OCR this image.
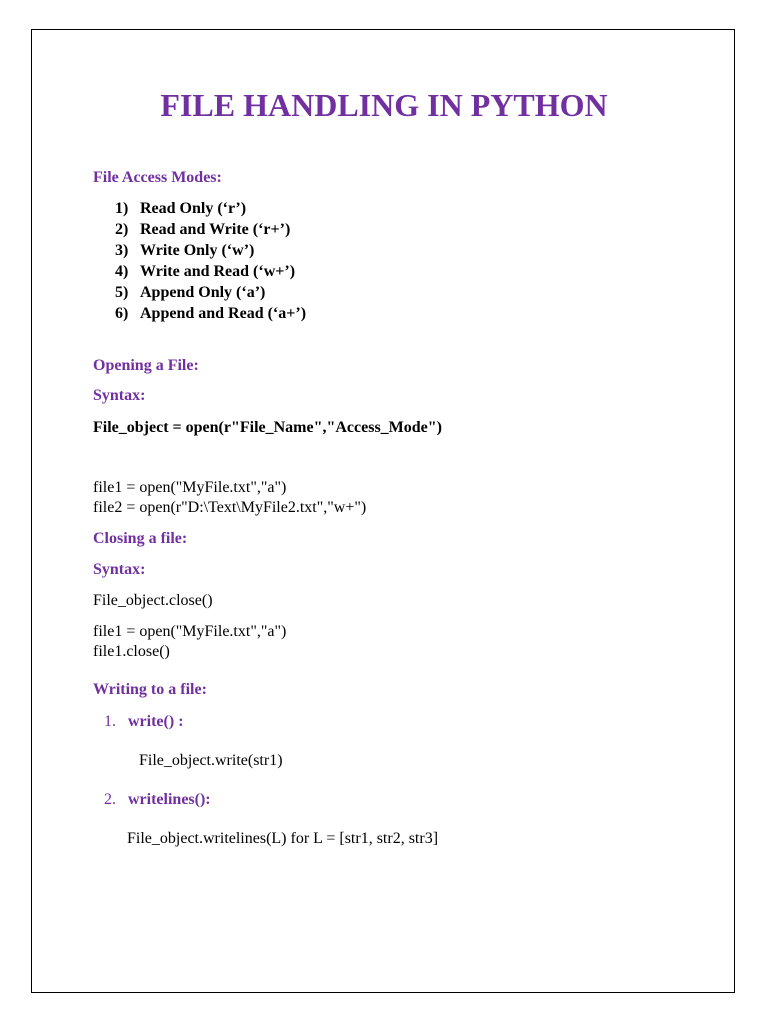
FILE HANDLING IN PYTHON
File Access Modes:
1) Read Only (‘r’)
2) Read and Write (‘r+’)
3) Write Only (‘w’)
4) Write and Read (‘w+’)
5) Append Only (‘a’)
6) Append and Read (‘a+’)
Opening a File:
Syntax:
File_object = open(r"File_Name","Access_Mode")
file1 = open("MyFile.txt","a")
file2 = open(r"D:\Text\MyFile2.txt","w+")
Closing a file:
Syntax:
File_object.close()
file1 = open("MyFile.txt","a")
file1.close()
Writing to a file:
1. write() :
File_object.write(str1)
2. writelines():
File_object.writelines(L) for L = [str1, str2, str3]
